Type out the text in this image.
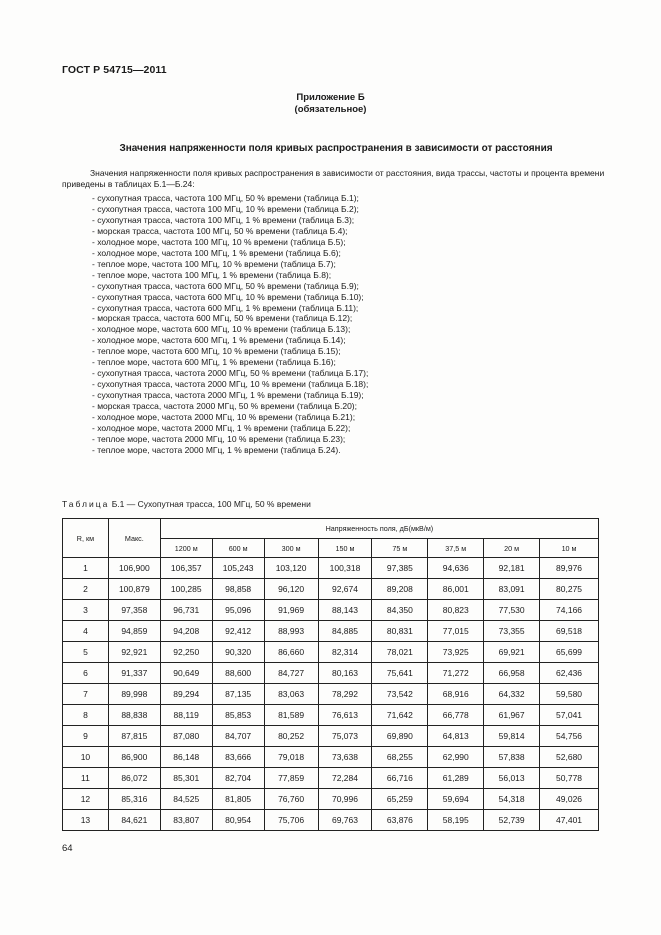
ГОСТ Р 54715—2011
Приложение Б
(обязательное)
Значения напряженности поля кривых распространения в зависимости от расстояния
Значения напряженности поля кривых распространения в зависимости от расстояния, вида трассы, частоты и процента времени приведены в таблицах Б.1—Б.24:
- сухопутная трасса, частота 100 МГц, 50 % времени (таблица Б.1);
- сухопутная трасса, частота 100 МГц, 10 % времени (таблица Б.2);
- сухопутная трасса, частота 100 МГц, 1 % времени (таблица Б.3);
- морская трасса, частота 100 МГц, 50 % времени (таблица Б.4);
- холодное море, частота 100 МГц, 10 % времени (таблица Б.5);
- холодное море, частота 100 МГц, 1 % времени (таблица Б.6);
- теплое море, частота 100 МГц, 10 % времени (таблица Б.7);
- теплое море, частота 100 МГц, 1 % времени (таблица Б.8);
- сухопутная трасса, частота 600 МГц, 50 % времени (таблица Б.9);
- сухопутная трасса, частота 600 МГц, 10 % времени (таблица Б.10);
- сухопутная трасса, частота 600 МГц, 1 % времени (таблица Б.11);
- морская трасса, частота 600 МГц, 50 % времени (таблица Б.12);
- холодное море, частота 600 МГц, 10 % времени (таблица Б.13);
- холодное море, частота 600 МГц, 1 % времени (таблица Б.14);
- теплое море, частота 600 МГц, 10 % времени (таблица Б.15);
- теплое море, частота 600 МГц, 1 % времени (таблица Б.16);
- сухопутная трасса, частота 2000 МГц, 50 % времени (таблица Б.17);
- сухопутная трасса, частота 2000 МГц, 10 % времени (таблица Б.18);
- сухопутная трасса, частота 2000 МГц, 1 % времени (таблица Б.19);
- морская трасса, частота 2000 МГц, 50 % времени (таблица Б.20);
- холодное море, частота 2000 МГц, 10 % времени (таблица Б.21);
- холодное море, частота 2000 МГц, 1 % времени (таблица Б.22);
- теплое море, частота 2000 МГц, 10 % времени (таблица Б.23);
- теплое море, частота 2000 МГц, 1 % времени (таблица Б.24).
Таблица Б.1 — Сухопутная трасса, 100 МГц, 50 % времени
R, км	Макс.	Напряженность поля, дБ(мкВ/м)							
		1200 м	600 м	300 м	150 м	75 м	37,5 м	20 м	10 м
1	106,900	106,357	105,243	103,120	100,318	97,385	94,636	92,181	89,976
2	100,879	100,285	98,858	96,120	92,674	89,208	86,001	83,091	80,275
3	97,358	96,731	95,096	91,969	88,143	84,350	80,823	77,530	74,166
4	94,859	94,208	92,412	88,993	84,885	80,831	77,015	73,355	69,518
5	92,921	92,250	90,320	86,660	82,314	78,021	73,925	69,921	65,699
6	91,337	90,649	88,600	84,727	80,163	75,641	71,272	66,958	62,436
7	89,998	89,294	87,135	83,063	78,292	73,542	68,916	64,332	59,580
8	88,838	88,119	85,853	81,589	76,613	71,642	66,778	61,967	57,041
9	87,815	87,080	84,707	80,252	75,073	69,890	64,813	59,814	54,756
10	86,900	86,148	83,666	79,018	73,638	68,255	62,990	57,838	52,680
11	86,072	85,301	82,704	77,859	72,284	66,716	61,289	56,013	50,778
12	85,316	84,525	81,805	76,760	70,996	65,259	59,694	54,318	49,026
13	84,621	83,807	80,954	75,706	69,763	63,876	58,195	52,739	47,401
64
